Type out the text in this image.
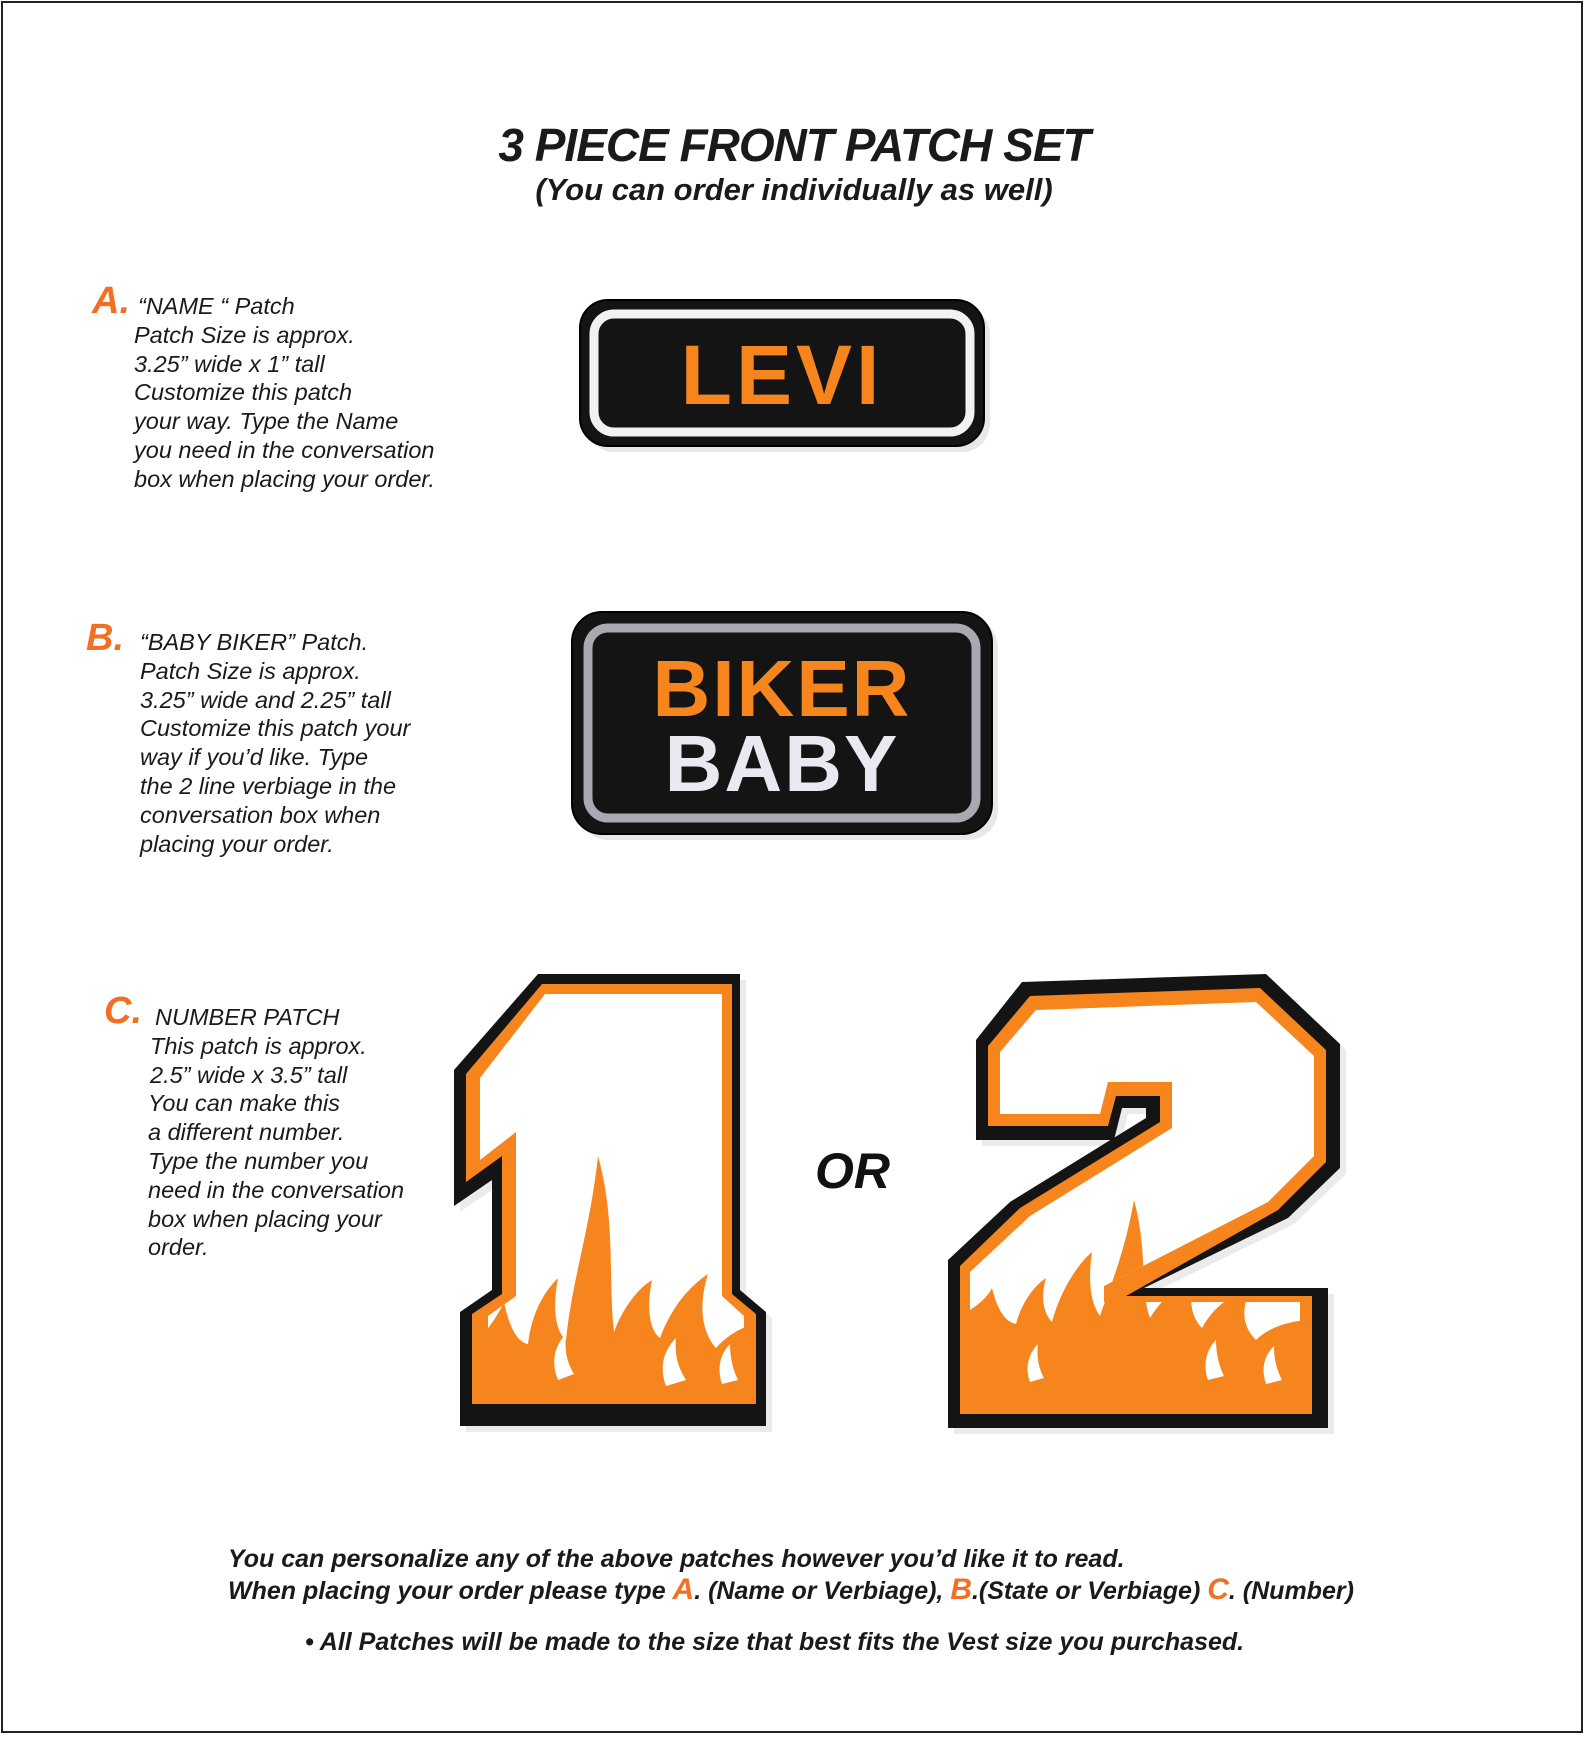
3 PIECE FRONT PATCH SET
(You can order individually as well)
A. “NAME “ Patch
Patch Size is approx.
3.25” wide x 1” tall
Customize this patch
your way. Type the Name
you need in the conversation
box when placing your order.
LEVI
B. “BABY BIKER” Patch.
Patch Size is approx.
3.25” wide and 2.25” tall
Customize this patch your
way if you’d like. Type
the 2 line verbiage in the
conversation box when
placing your order.
BIKER
BABY
C. NUMBER PATCH
This patch is approx.
2.5” wide x 3.5” tall
You can make this
a different number.
Type the number you
need in the conversation
box when placing your
order.
OR
You can personalize any of the above patches however you’d like it to read.
When placing your order please type A. (Name or Verbiage), B.(State or Verbiage) C. (Number)
• All Patches will be made to the size that best fits the Vest size you purchased.
